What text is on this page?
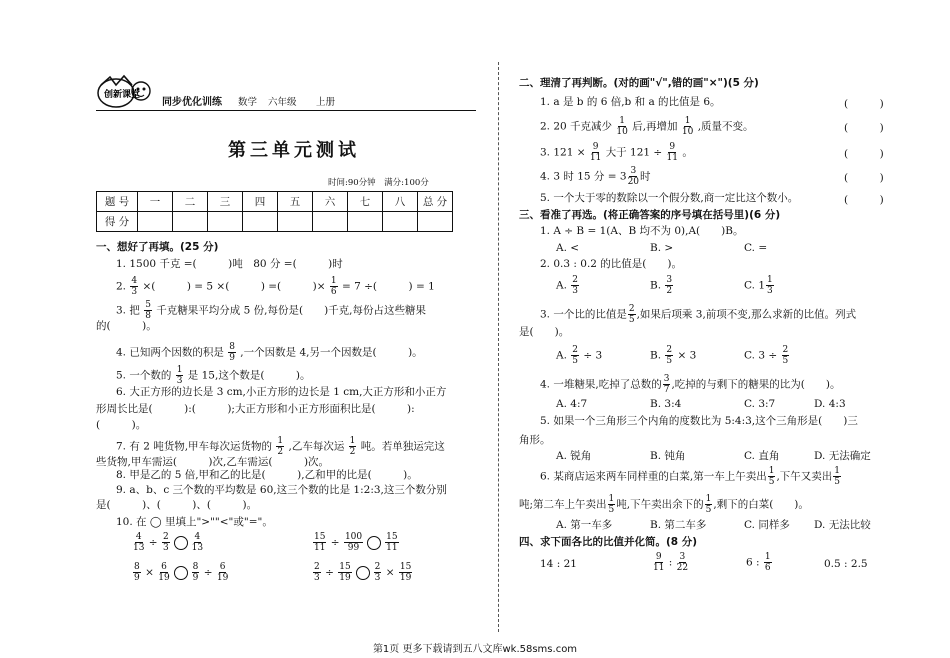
创新课堂
同步优化训练 数学 六年级 上册
第三单元测试
时间:90分钟　满分:100分
题 号	一	二	三	四	五	六	七	八	总 分
得 分									
一、想好了再填。(25 分)
1. 1500 千克 =(　　　)吨　80 分 =(　　　)时
2. $\frac{4}{3}$ ×(　　　) = 5 ×(　　　) =(　　　)× $\frac{1}{6} = 7$ ÷(　　　) = 1
3. 把 $\frac{5}{8}$ 千克糖果平均分成 5 份,每份是(　　)千克,每份占这些糖果
的(　　　)。
4. 已知两个因数的积是 $\frac{8}{9}$ ,一个因数是 4,另一个因数是(　　　)。
5. 一个数的 $\frac{1}{3}$ 是 15,这个数是(　　　)。
6. 大正方形的边长是 3 cm,小正方形的边长是 1 cm,大正方形和小正方
形周长比是(　　　):(　　　);大正方形和小正方形面积比是(　　　):
(　　　)。
7. 有 2 吨货物,甲车每次运货物的 $\frac{1}{2}$ ,乙车每次运 $\frac{1}{2}$ 吨。若单独运完这
些货物,甲车需运(　　　)次,乙车需运(　　　)次。
8. 甲是乙的 5 倍,甲和乙的比是(　　　),乙和甲的比是(　　　)。
9. a、b、c 三个数的平均数是 60,这三个数的比是 1:2:3,这三个数分别
是(　　　)、(　　　)、(　　　)。
10. 在 ◯ 里填上">""<"或"="。
$\frac{4}{13} \div \frac{2}{3} \frac{4}{13}$	$\frac{15}{11} \div \frac{100}{99} \frac{15}{11}$
$\frac{8}{9} \times \frac{6}{19} \frac{8}{9} \div \frac{6}{19}$	$\frac{2}{3} \div \frac{15}{19} \frac{2}{3} \times \frac{15}{19}$
二、理清了再判断。(对的画"√",错的画"×")(5 分)
1. a 是 b 的 6 倍,b 和 a 的比值是 6。	(　　　)
2. 20 千克减少 $\frac{1}{10}$ 后,再增加 $\frac{1}{10}$ ,质量不变。	(　　　)
3. $121 \times \frac{9}{11}$ 大于 $121 \div \frac{9}{11}$ 。	(　　　)
4. 3 时 15 分 = $3 \frac{3}{20}$ 时	(　　　)
5. 一个大于零的数除以一个假分数,商一定比这个数小。	(　　　)
三、看准了再选。(将正确答案的序号填在括号里)(6 分)
1. A ÷ B = 1(A、B 均不为 0),A(　　)B。
A. <	B. >	C. =
2. 0.3 : 0.2 的比值是(　　)。
A. $\frac{2}{3}$	B. $\frac{3}{2}$	C. $1 \frac{1}{3}$
3. 一个比的比值是 $\frac{2}{5}$ ,如果后项乘 3,前项不变,那么求新的比值。列式
是(　　)。
A. $\frac{2}{5} \div 3$	B. $\frac{2}{5} \times 3$	C. $3 \div \frac{2}{5}$
4. 一堆糖果,吃掉了总数的 $\frac{3}{7}$ ,吃掉的与剩下的糖果的比为(　　)。
A. 4:7	B. 3:4	C. 3:7	D. 4:3
5. 如果一个三角形三个内角的度数比为 5:4:3,这个三角形是(　　)三
角形。
A. 锐角	B. 钝角	C. 直角	D. 无法确定
6. 某商店运来两车同样重的白菜,第一车上午卖出 $\frac{1}{5}$ ,下午又卖出 $\frac{1}{5}$
吨;第二车上午卖出 $\frac{1}{5}$ 吨,下午卖出余下的 $\frac{1}{5}$ ,剩下的白菜(　　)。
A. 第一车多	B. 第二车多	C. 同样多 D. 无法比较
四、求下面各比的比值并化简。(8 分)
14 : 21	$\frac{9}{11}$ : $\frac{3}{22}$	6 : $\frac{1}{6}$	0.5 : 2.5
第1页 更多下载请到五八文库wk.58sms.com
